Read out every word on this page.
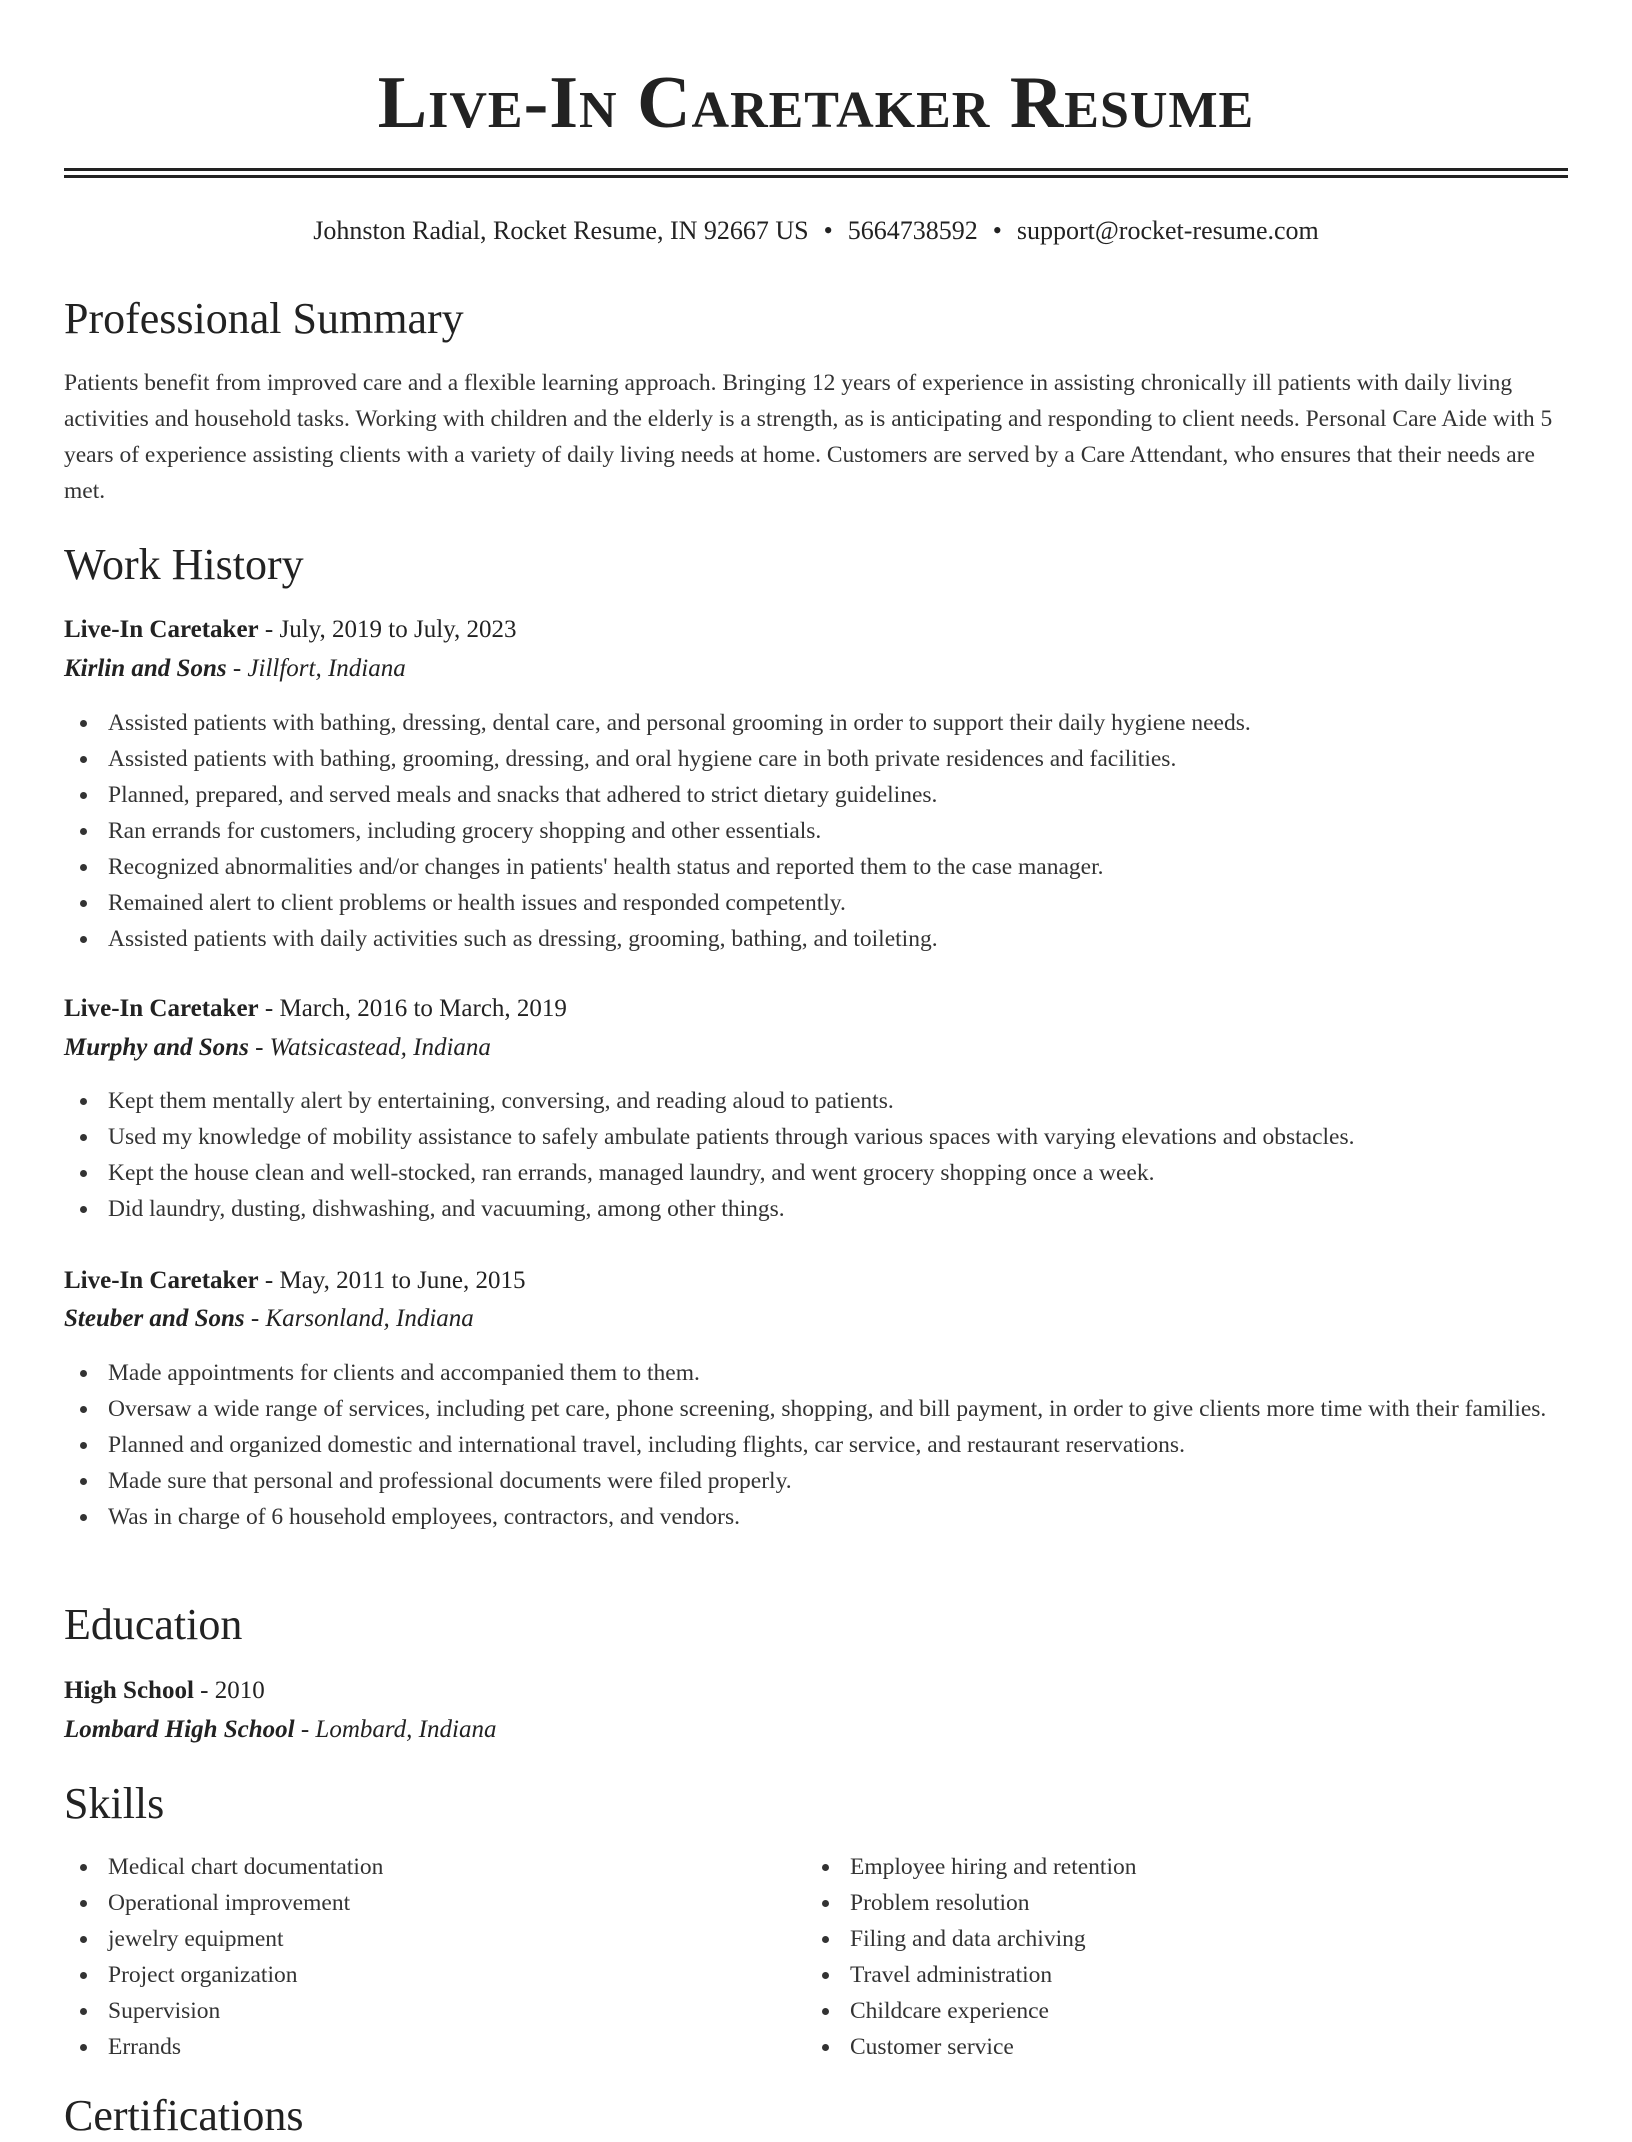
Live-In Caretaker Resume
Johnston Radial, Rocket Resume, IN 92667 US • 5664738592 • support@rocket-resume.com
Professional Summary

Patients benefit from improved care and a flexible learning approach. Bringing 12 years of experience in assisting chronically ill patients with daily living activities and household tasks. Working with children and the elderly is a strength, as is anticipating and responding to client needs. Personal Care Aide with 5 years of experience assisting clients with a variety of daily living needs at home. Customers are served by a Care Attendant, who ensures that their needs are met.

Work History
Live-In Caretaker - July, 2019 to July, 2023
Kirlin and Sons - Jillfort, Indiana
Assisted patients with bathing, dressing, dental care, and personal grooming in order to support their daily hygiene needs.
Assisted patients with bathing, grooming, dressing, and oral hygiene care in both private residences and facilities.
Planned, prepared, and served meals and snacks that adhered to strict dietary guidelines.
Ran errands for customers, including grocery shopping and other essentials.
Recognized abnormalities and/or changes in patients' health status and reported them to the case manager.
Remained alert to client problems or health issues and responded competently.
Assisted patients with daily activities such as dressing, grooming, bathing, and toileting.
Live-In Caretaker - March, 2016 to March, 2019
Murphy and Sons - Watsicastead, Indiana
Kept them mentally alert by entertaining, conversing, and reading aloud to patients.
Used my knowledge of mobility assistance to safely ambulate patients through various spaces with varying elevations and obstacles.
Kept the house clean and well-stocked, ran errands, managed laundry, and went grocery shopping once a week.
Did laundry, dusting, dishwashing, and vacuuming, among other things.
Live-In Caretaker - May, 2011 to June, 2015
Steuber and Sons - Karsonland, Indiana
Made appointments for clients and accompanied them to them.
Oversaw a wide range of services, including pet care, phone screening, shopping, and bill payment, in order to give clients more time with their families.
Planned and organized domestic and international travel, including flights, car service, and restaurant reservations.
Made sure that personal and professional documents were filed properly.
Was in charge of 6 household employees, contractors, and vendors.
Education
High School - 2010
Lombard High School - Lombard, Indiana
Skills
Medical chart documentation
Operational improvement
jewelry equipment
Project organization
Supervision
Errands
Employee hiring and retention
Problem resolution
Filing and data archiving
Travel administration
Childcare experience
Customer service
Certifications
